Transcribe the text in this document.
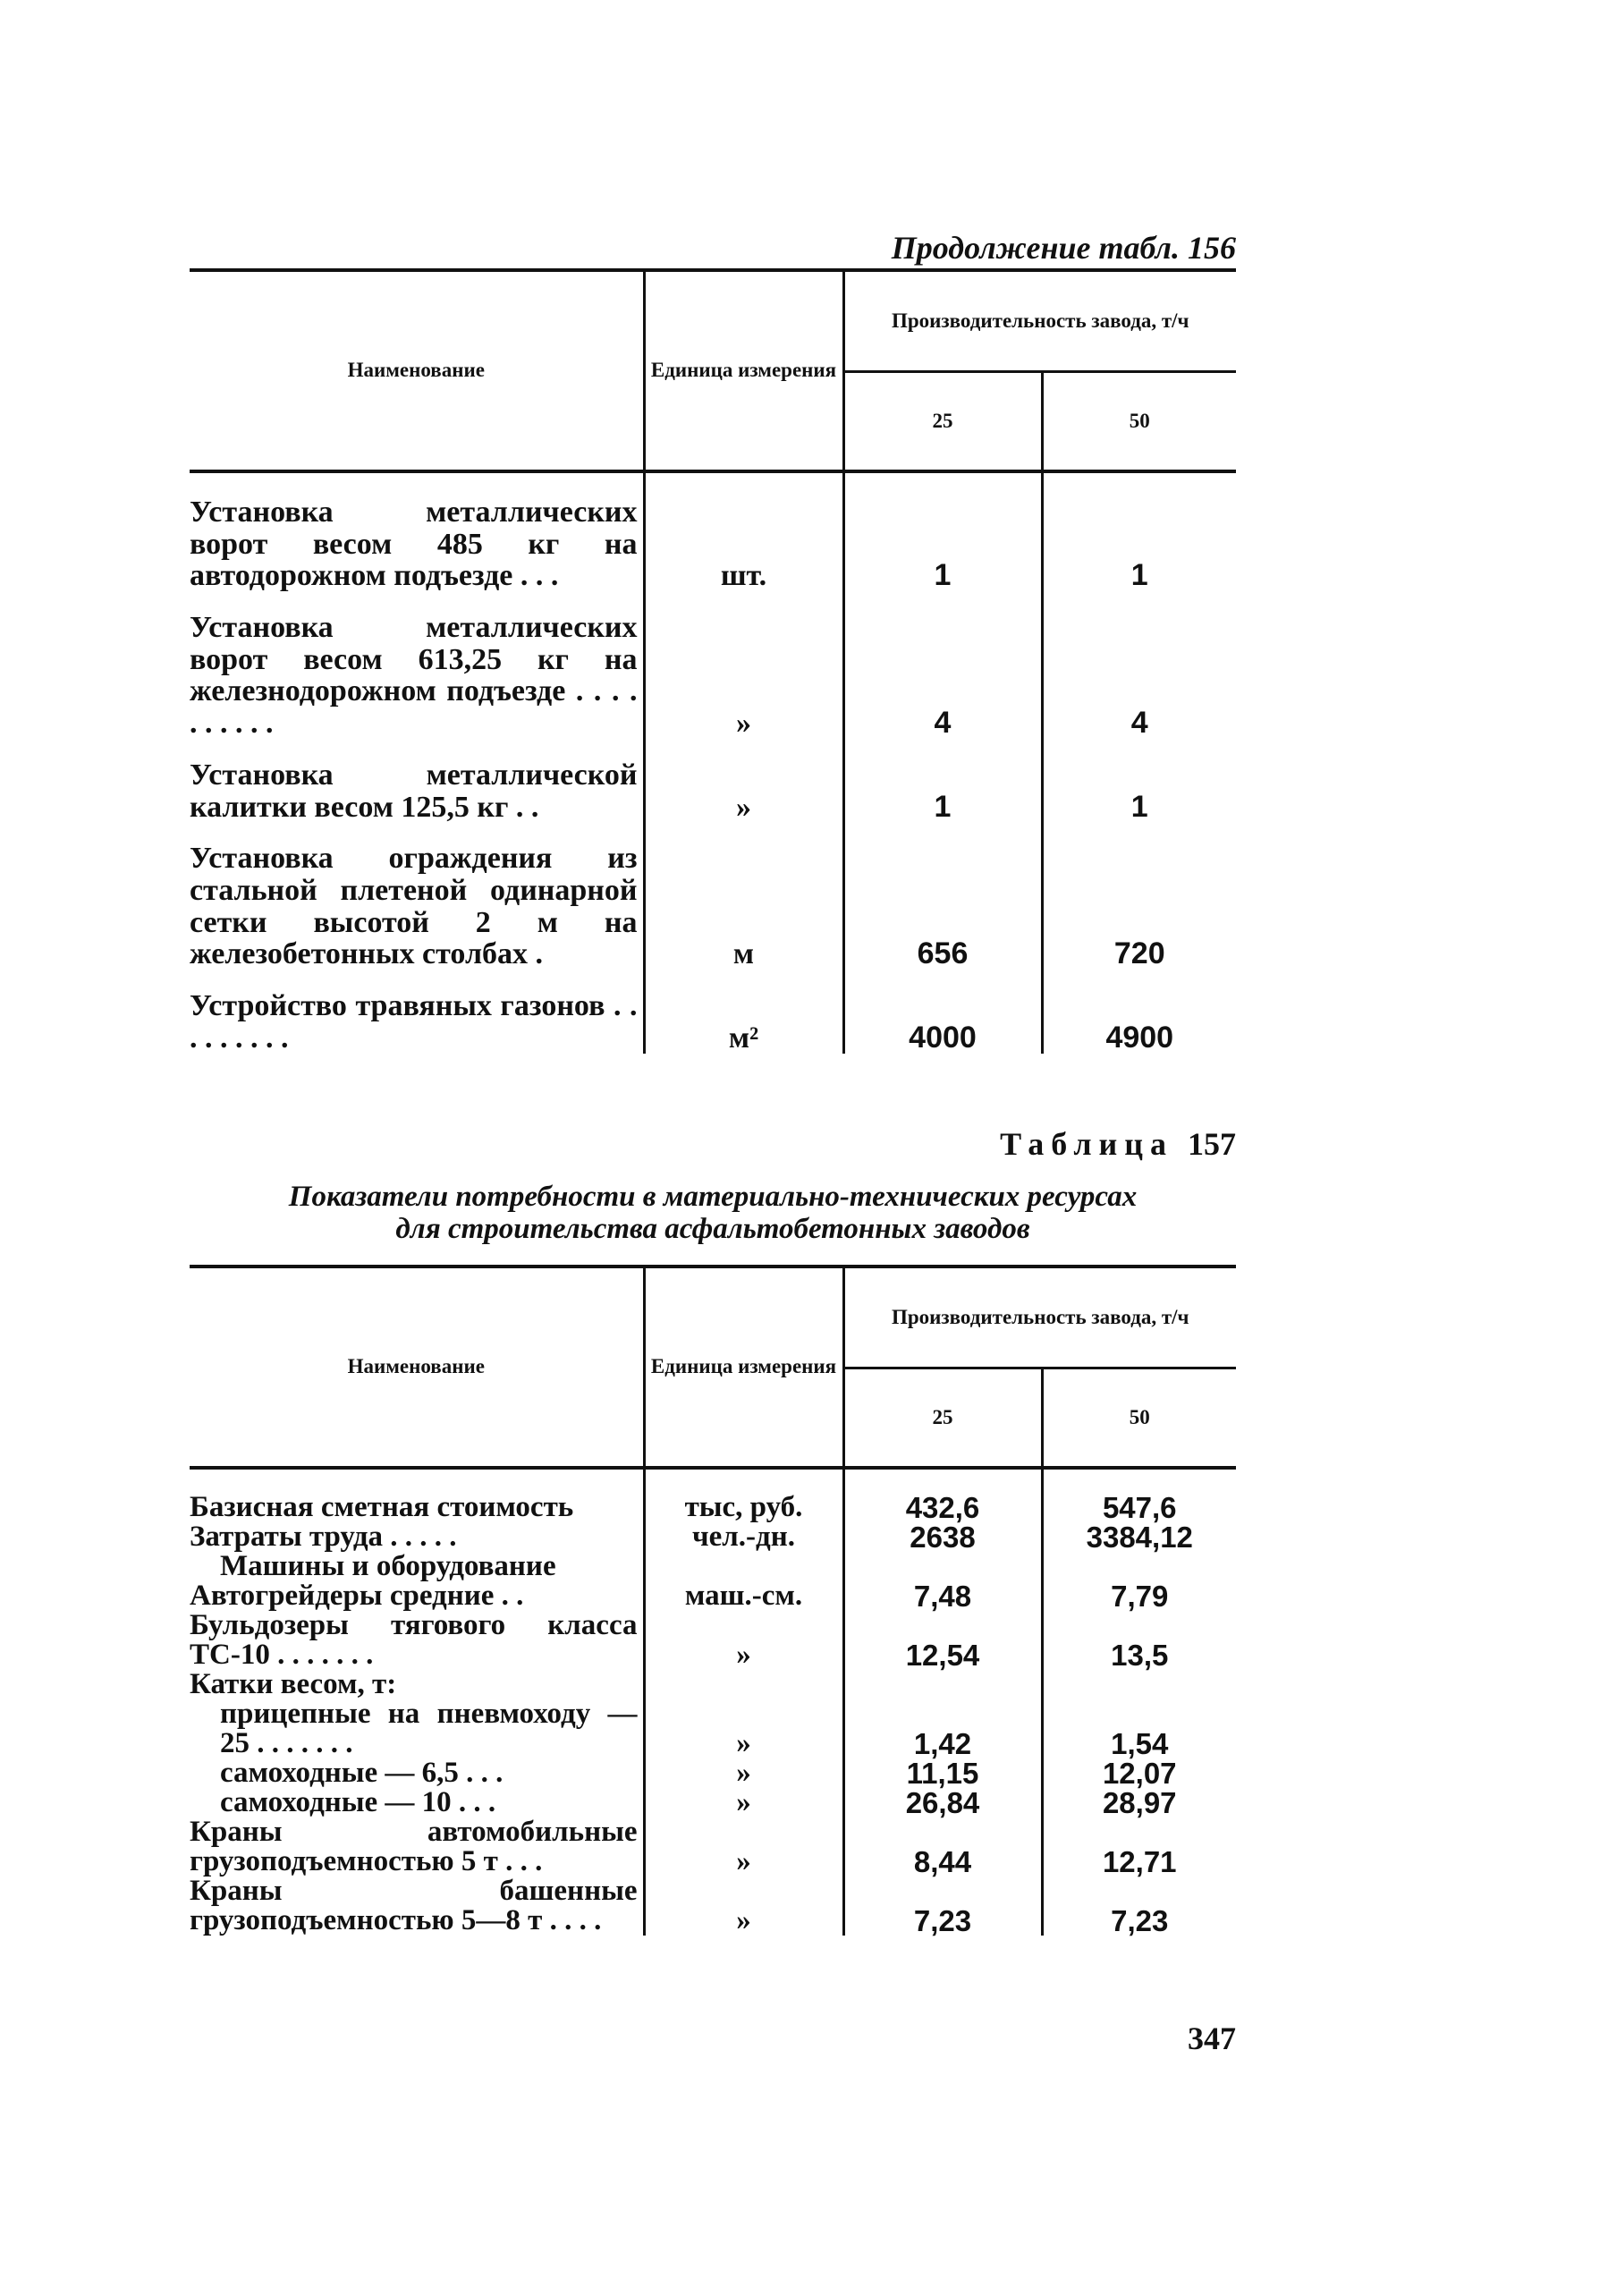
Продолжение табл. 156
Наименование	Единица измерения	Производительность завода, т/ч	
		25	50

Установка металлических ворот весом 485 кг на автодорожном подъезде . . .	шт.	1	1
Установка металлических ворот весом 613,25 кг на железнодорожном подъезде . . . . . . . . . .	»	4	4
Установка металлической калитки весом 125,5 кг . .	»	1	1
Установка ограждения из стальной плетеной одинарной сетки высотой 2 м на железобетонных столбах .	м	656	720
Устройство травяных газонов . . . . . . . . .	м²	4000	4900
Таблица 157
Показатели потребности в материально-технических ресурсах
для строительства асфальтобетонных заводов
Наименование	Единица измерения	Производительность завода, т/ч	
		25	50

Базисная сметная стоимость	тыс, руб.	432,6	547,6
Затраты труда . . . . .	чел.-дн.	2638	3384,12
Машины и оборудование			
Автогрейдеры средние . .	маш.-см.	7,48	7,79
Бульдозеры тягового класса ТС-10 . . . . . . .	»	12,54	13,5
Катки весом, т:			
прицепные на пневмоходу — 25 . . . . . . .	»	1,42	1,54
самоходные — 6,5 . . .	»	11,15	12,07
самоходные — 10 . . .	»	26,84	28,97
Краны автомобильные грузоподъемностью 5 т . . .	»	8,44	12,71
Краны башенные грузоподъемностью 5—8 т . . . .	»	7,23	7,23
347
